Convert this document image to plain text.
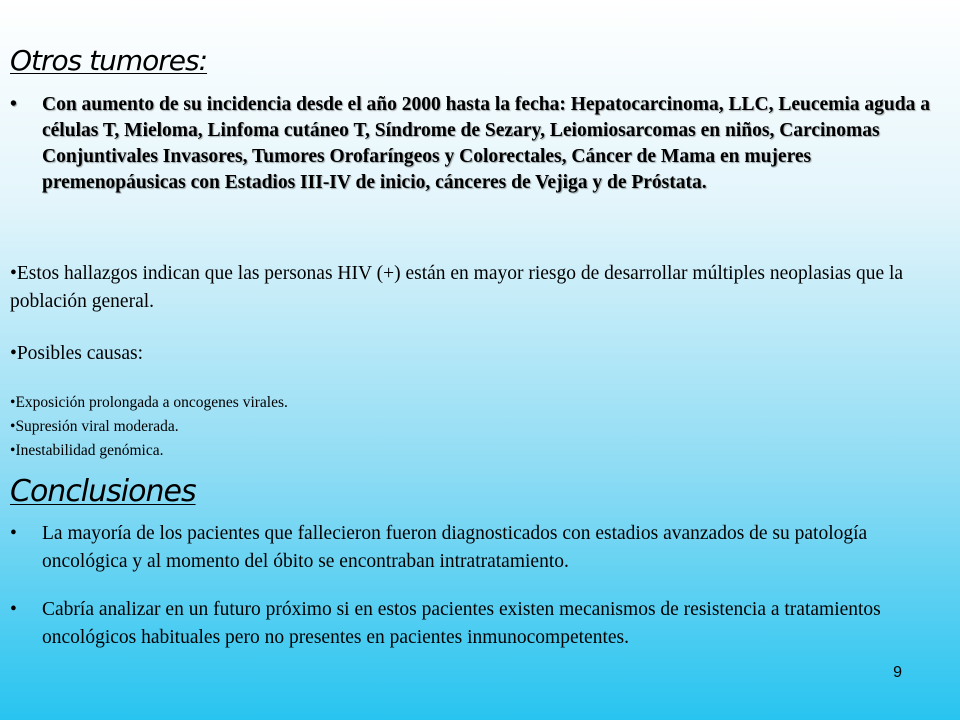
Otros tumores:
• Con aumento de su incidencia desde el año 2000 hasta la fecha: Hepatocarcinoma, LLC, Leucemia aguda a células T, Mieloma, Linfoma cutáneo T, Síndrome de Sezary, Leiomiosarcomas en niños, Carcinomas Conjuntivales Invasores, Tumores Orofaríngeos y Colorectales, Cáncer de Mama en mujeres premenopáusicas con Estadios III-IV de inicio, cánceres de Vejiga y de Próstata.

• Estos hallazgos indican que las personas HIV (+) están en mayor riesgo de desarrollar múltiples neoplasias que la población general.

• Posibles causas:

• Exposición prolongada a oncogenes virales.
• Supresión viral moderada.
• Inestabilidad genómica.
Conclusiones
• La mayoría de los pacientes que fallecieron fueron diagnosticados con estadios avanzados de su patología oncológica y al momento del óbito se encontraban intratratamiento.
• Cabría analizar en un futuro próximo si en estos pacientes existen mecanismos de resistencia a tratamientos oncológicos habituales pero no presentes en pacientes inmunocompetentes.
9
